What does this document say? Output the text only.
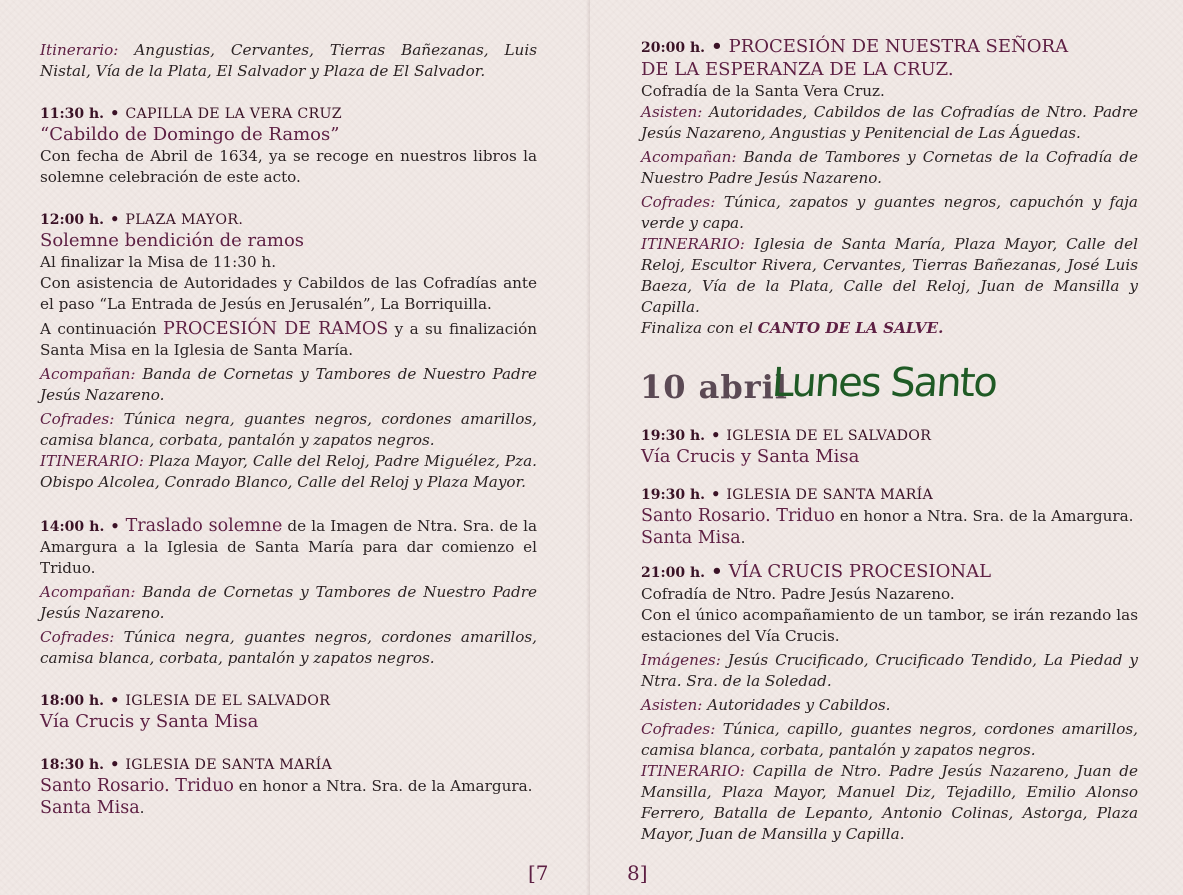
Itinerario: Angustias, Cervantes, Tierras Bañezanas, Luis Nistal, Vía de la Plata, El Salvador y Plaza de El Salvador.

11:30 h. • CAPILLA DE LA VERA CRUZ

“Cabildo de Domingo de Ramos”

Con fecha de Abril de 1634, ya se recoge en nuestros libros la solemne celebración de este acto.

12:00 h. • PLAZA MAYOR.

Solemne bendición de ramos

Al finalizar la Misa de 11:30 h.

Con asistencia de Autoridades y Cabildos de las Cofradías ante el paso “La Entrada de Jesús en Jerusalén”, La Borriquilla.

A continuación PROCESIÓN DE RAMOS y a su finalización Santa Misa en la Iglesia de Santa María.

Acompañan: Banda de Cornetas y Tambores de Nuestro Padre Jesús Nazareno.

Cofrades: Túnica negra, guantes negros, cordones amarillos, camisa blanca, corbata, pantalón y zapatos negros.

ITINERARIO: Plaza Mayor, Calle del Reloj, Padre Miguélez, Pza. Obispo Alcolea, Conrado Blanco, Calle del Reloj y Plaza Mayor.

14:00 h. • Traslado solemne de la Imagen de Ntra. Sra. de la Amargura a la Iglesia de Santa María para dar comienzo el Triduo.

Acompañan: Banda de Cornetas y Tambores de Nuestro Padre Jesús Nazareno.

Cofrades: Túnica negra, guantes negros, cordones amarillos, camisa blanca, corbata, pantalón y zapatos negros.

18:00 h. • IGLESIA DE EL SALVADOR

Vía Crucis y Santa Misa

18:30 h. • IGLESIA DE SANTA MARÍA

Santo Rosario. Triduo en honor a Ntra. Sra. de la Amargura.
Santa Misa.

[7

20:00 h. • PROCESIÓN DE NUESTRA SEÑORA

DE LA ESPERANZA DE LA CRUZ.

Cofradía de la Santa Vera Cruz.

Asisten: Autoridades, Cabildos de las Cofradías de Ntro. Padre Jesús Nazareno, Angustias y Penitencial de Las Águedas.

Acompañan: Banda de Tambores y Cornetas de la Cofradía de Nuestro Padre Jesús Nazareno.

Cofrades: Túnica, zapatos y guantes negros, capuchón y faja verde y capa.

ITINERARIO: Iglesia de Santa María, Plaza Mayor, Calle del Reloj, Escultor Rivera, Cervantes, Tierras Bañezanas, José Luis Baeza, Vía de la Plata, Calle del Reloj, Juan de Mansilla y Capilla.

Finaliza con el CANTO DE LA SALVE.

10 abril
Lunes Santo

19:30 h. • IGLESIA DE EL SALVADOR

Vía Crucis y Santa Misa

19:30 h. • IGLESIA DE SANTA MARÍA

Santo Rosario. Triduo en honor a Ntra. Sra. de la Amargura. Santa Misa.

21:00 h. • VÍA CRUCIS PROCESIONAL

Cofradía de Ntro. Padre Jesús Nazareno.

Con el único acompañamiento de un tambor, se irán rezando las estaciones del Vía Crucis.

Imágenes: Jesús Crucificado, Crucificado Tendido, La Piedad y Ntra. Sra. de la Soledad.

Asisten: Autoridades y Cabildos.

Cofrades: Túnica, capillo, guantes negros, cordones amarillos, camisa blanca, corbata, pantalón y zapatos negros.

ITINERARIO: Capilla de Ntro. Padre Jesús Nazareno, Juan de Mansilla, Plaza Mayor, Manuel Diz, Tejadillo, Emilio Alonso Ferrero, Batalla de Lepanto, Antonio Colinas, Astorga, Plaza Mayor, Juan de Mansilla y Capilla.

8]
